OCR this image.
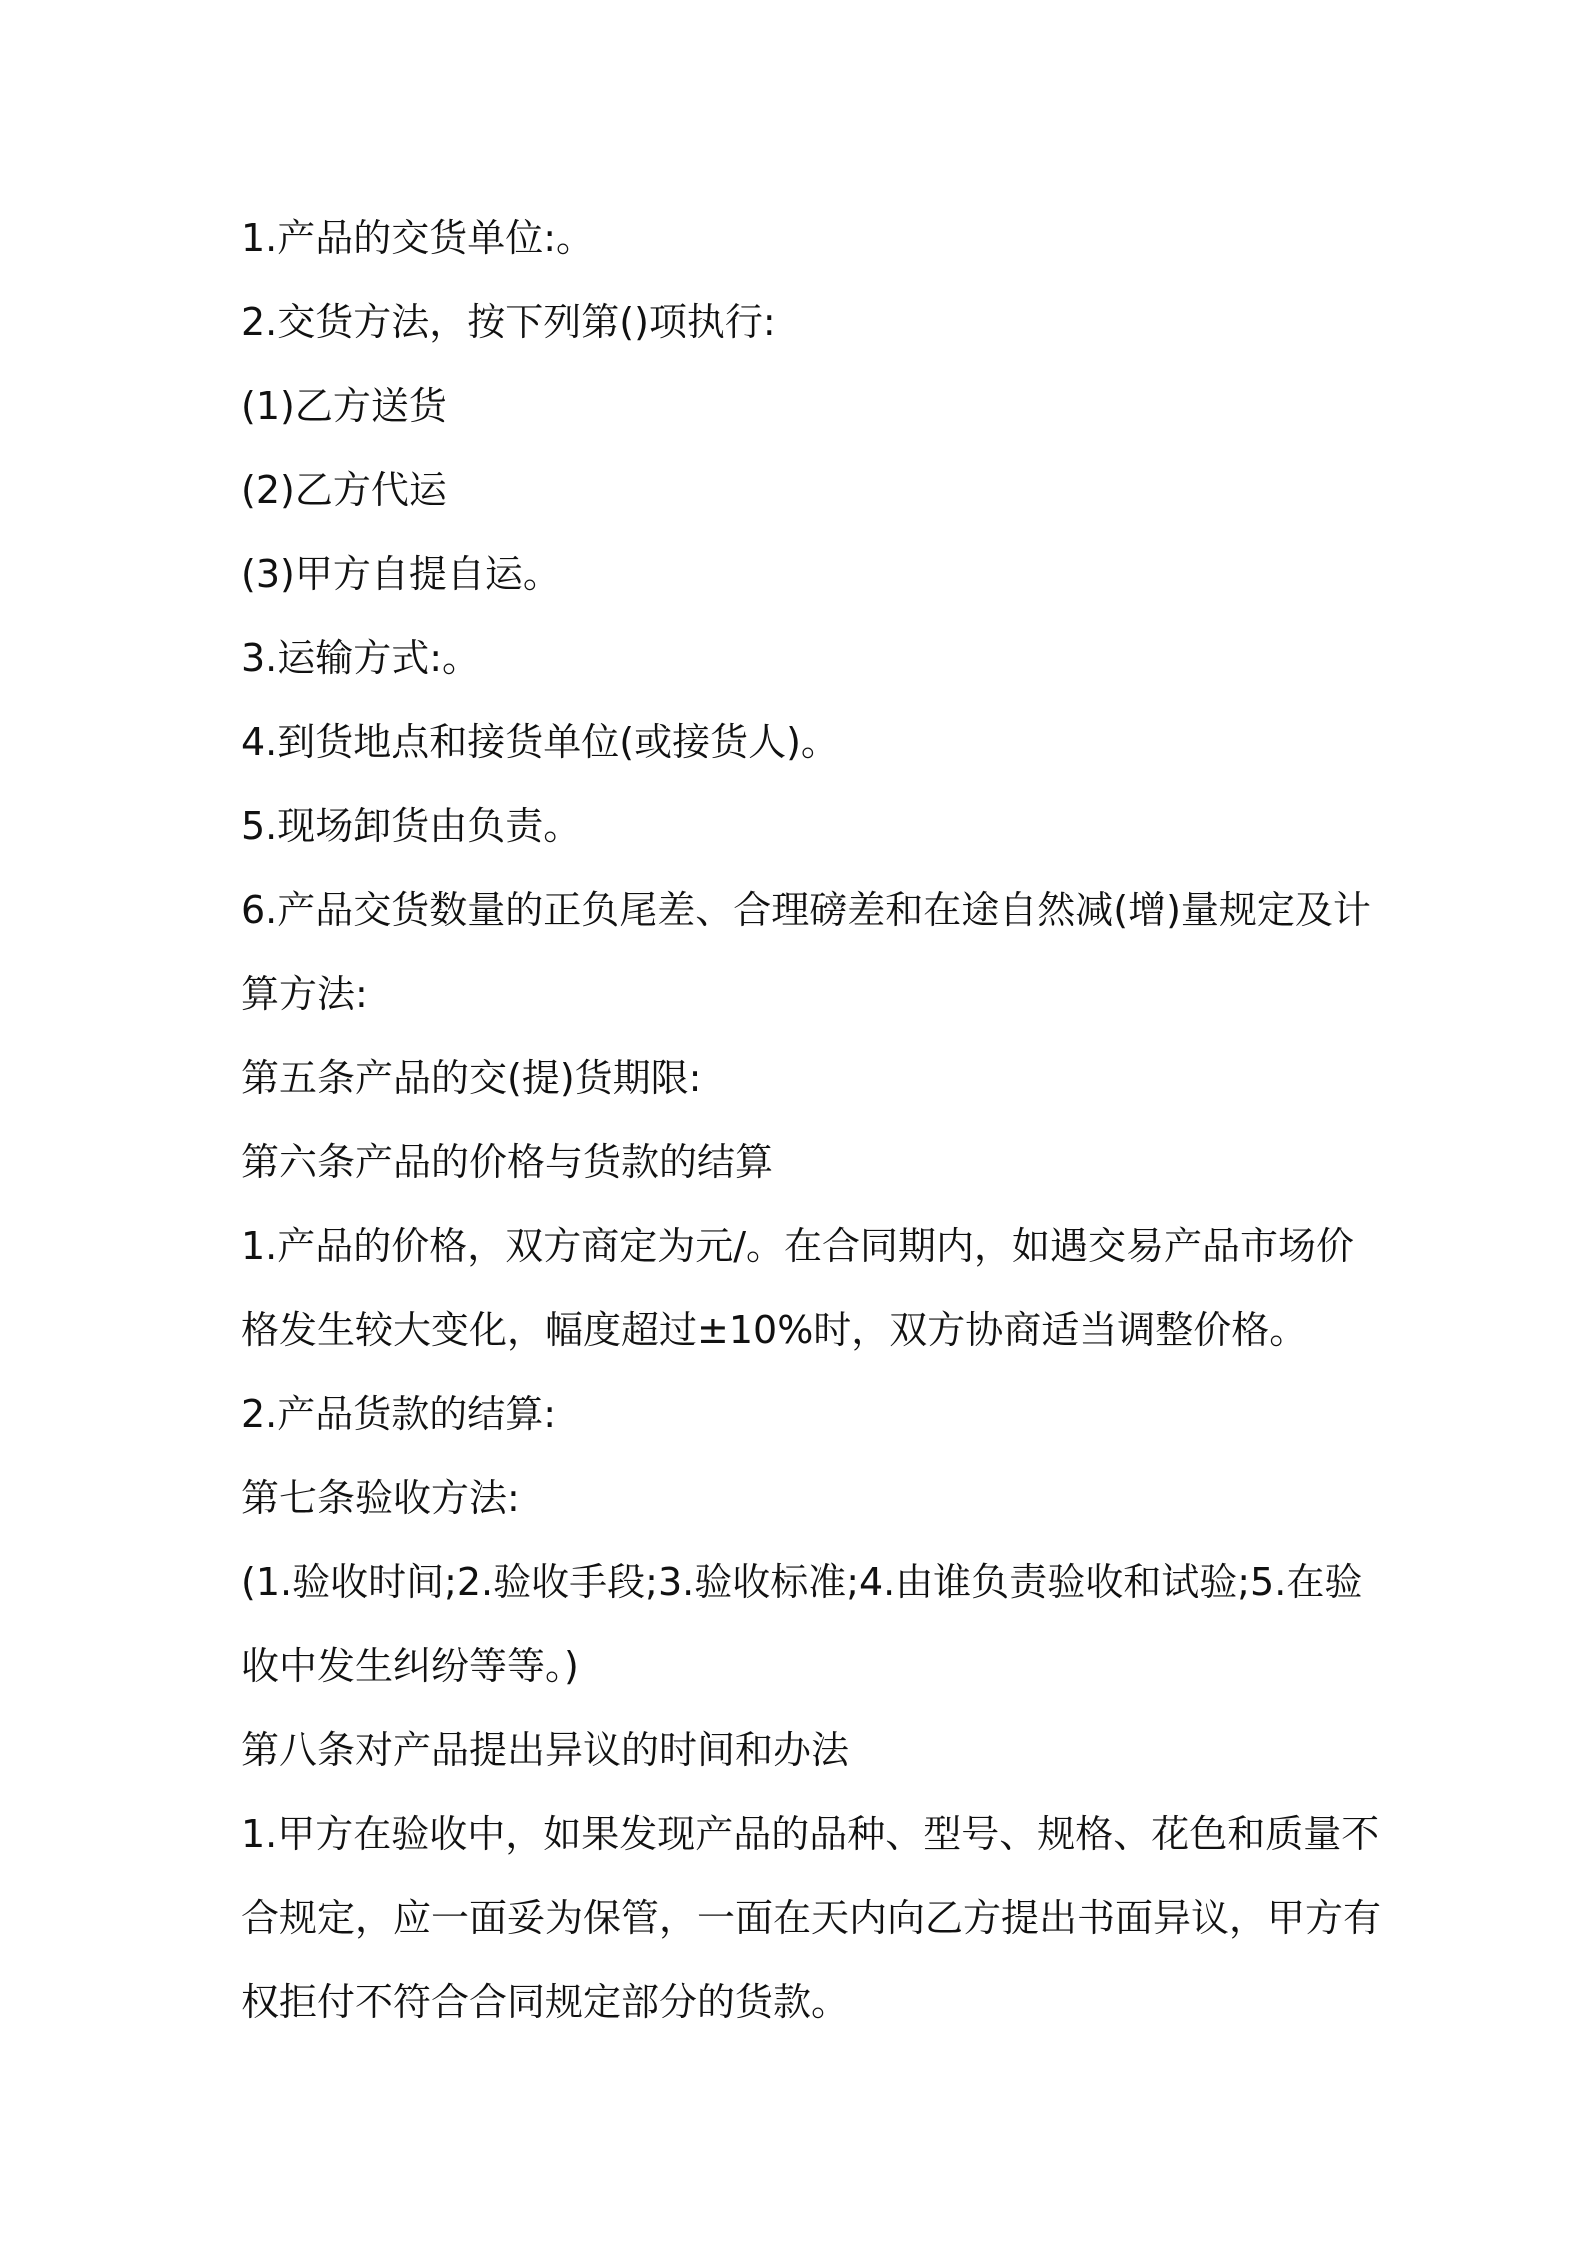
1.产品的交货单位:。

2.交货方法，按下列第()项执行:

(1)乙方送货

(2)乙方代运

(3)甲方自提自运。

3.运输方式:。

4.到货地点和接货单位(或接货人)。

5.现场卸货由负责。

6.产品交货数量的正负尾差、合理磅差和在途自然减(增)量规定及计

算方法:

第五条产品的交(提)货期限:

第六条产品的价格与货款的结算

1.产品的价格，双方商定为元/。在合同期内，如遇交易产品市场价

格发生较大变化，幅度超过±10%时，双方协商适当调整价格。

2.产品货款的结算:

第七条验收方法:

(1.验收时间;2.验收手段;3.验收标准;4.由谁负责验收和试验;5.在验

收中发生纠纷等等。)

第八条对产品提出异议的时间和办法

1.甲方在验收中，如果发现产品的品种、型号、规格、花色和质量不

合规定，应一面妥为保管，一面在天内向乙方提出书面异议，甲方有

权拒付不符合合同规定部分的货款。
